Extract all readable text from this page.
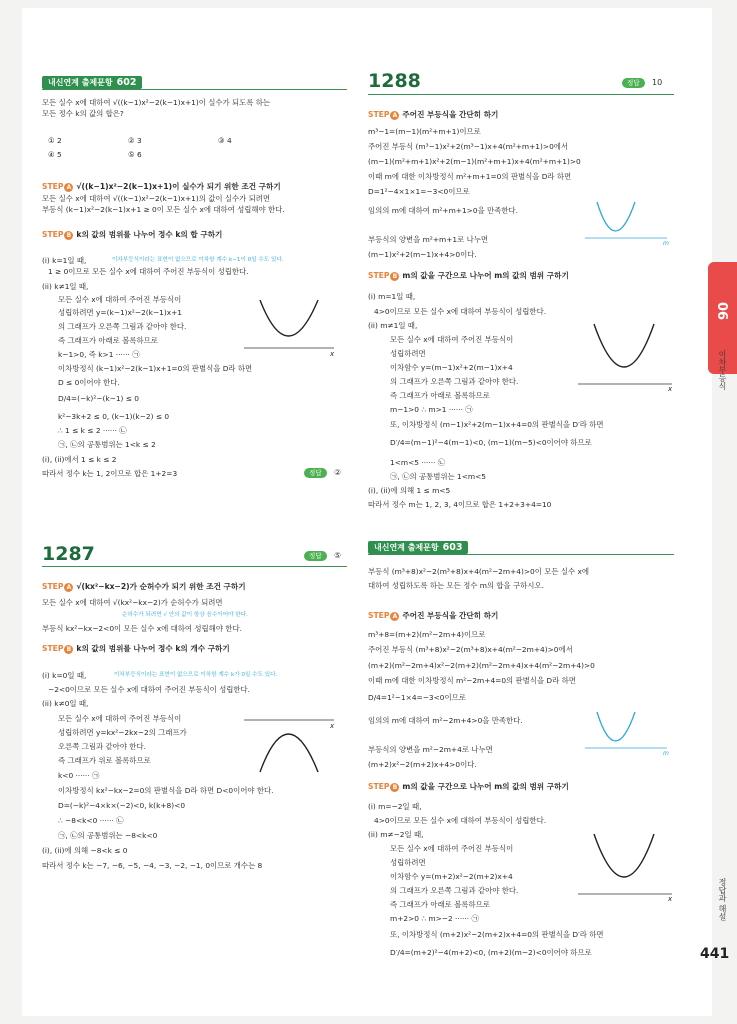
내신연계 출제문항 602
모든 실수 x에 대하여 √((k−1)x²−2(k−1)x+1)이 실수가 되도록 하는
모든 정수 k의 값의 합은?
① 2	② 3	③ 4
④ 5	⑤ 6
STEP A √((k−1)x²−2(k−1)x+1)이 실수가 되기 위한 조건 구하기
모든 실수 x에 대하여 √((k−1)x²−2(k−1)x+1)의 값이 실수가 되려면
부등식 (k−1)x²−2(k−1)x+1 ≥ 0이 모든 실수 x에 대하여 성립해야 한다.
STEP B k의 값의 범위를 나누어 정수 k의 합 구하기
이차부등식이라는 표현이 없으므로 이차항 계수 k−1이 0일 수도 있다.
(i) k=1일 때,
1 ≥ 0이므로 모든 실수 x에 대하여 주어진 부등식이 성립한다.
(ii) k≠1일 때,
모든 실수 x에 대하여 주어진 부등식이
성립하려면 y=(k−1)x²−2(k−1)x+1
의 그래프가 오른쪽 그림과 같아야 한다.
즉 그래프가 아래로 볼록하므로
k−1>0, 즉 k>1 ······ ㉠
이차방정식 (k−1)x²−2(k−1)x+1=0의 판별식을 D라 하면
D ≤ 0이어야 한다.
D/4=(−k)²−(k−1) ≤ 0
k²−3k+2 ≤ 0, (k−1)(k−2) ≤ 0
∴ 1 ≤ k ≤ 2 ······ ㉡
㉠, ㉡의 공통범위는 1<k ≤ 2
(i), (ii)에서 1 ≤ k ≤ 2
따라서 정수 k는 1, 2이므로 합은 1+2=3	정답	②
x
1287	정답	⑤
STEP A √(kx²−kx−2)가 순허수가 되기 위한 조건 구하기
모든 실수 x에 대하여 √(kx²−kx−2)가 순허수가 되려면
순허수가 되려면 √ 안의 값이 항상 음수이어야 한다.
부등식 kx²−kx−2<0이 모든 실수 x에 대하여 성립해야 한다.
STEP B k의 값의 범위를 나누어 정수 k의 개수 구하기
이차부등식이라는 표현이 없으므로 이차항 계수 k가 0일 수도 있다.
(i) k=0일 때,
−2<0이므로 모든 실수 x에 대하여 주어진 부등식이 성립한다.
(ii) k≠0일 때,
모든 실수 x에 대하여 주어진 부등식이
성립하려면 y=kx²−2kx−2의 그래프가
오른쪽 그림과 같아야 한다.
즉 그래프가 위로 볼록하므로
k<0 ······ ㉠
이차방정식 kx²−kx−2=0의 판별식을 D라 하면 D<0이어야 한다.
D=(−k)²−4×k×(−2)<0, k(k+8)<0
∴ −8<k<0 ······ ㉡
㉠, ㉡의 공통범위는 −8<k<0
(i), (ii)에 의해 −8<k ≤ 0
따라서 정수 k는 −7, −6, −5, −4, −3, −2, −1, 0이므로 개수는 8
x
1288	정답	10
STEP A 주어진 부등식을 간단히 하기
m³−1=(m−1)(m²+m+1)이므로
주어진 부등식 (m³−1)x²+2(m³−1)x+4(m²+m+1)>0에서
(m−1)(m²+m+1)x²+2(m−1)(m²+m+1)x+4(m²+m+1)>0
이때 m에 대한 이차방정식 m²+m+1=0의 판별식을 D라 하면
D=1²−4×1×1=−3<0이므로
임의의 m에 대하여 m²+m+1>0을 만족한다.
부등식의 양변을 m²+m+1로 나누면
(m−1)x²+2(m−1)x+4>0이다.
m
STEP B m의 값을 구간으로 나누어 m의 값의 범위 구하기
(i) m=1일 때,
4>0이므로 모든 실수 x에 대하여 부등식이 성립한다.
(ii) m≠1일 때,
모든 실수 x에 대하여 주어진 부등식이
성립하려면
이차함수 y=(m−1)x²+2(m−1)x+4
의 그래프가 오른쪽 그림과 같아야 한다.
즉 그래프가 아래로 볼록하므로
m−1>0 ∴ m>1 ······ ㉠
또, 이차방정식 (m−1)x²+2(m−1)x+4=0의 판별식을 D′라 하면
D′/4=(m−1)²−4(m−1)<0, (m−1)(m−5)<0이어야 하므로
1<m<5 ······ ㉡
㉠, ㉡의 공통범위는 1<m<5
(i), (ii)에 의해 1 ≤ m<5
따라서 정수 m는 1, 2, 3, 4이므로 합은 1+2+3+4=10
x
내신연계 출제문항 603
부등식 (m³+8)x²−2(m³+8)x+4(m²−2m+4)>0이 모든 실수 x에
대하여 성립하도록 하는 모든 정수 m의 합을 구하시오.
STEP A 주어진 부등식을 간단히 하기
m³+8=(m+2)(m²−2m+4)이므로
주어진 부등식 (m³+8)x²−2(m³+8)x+4(m²−2m+4)>0에서
(m+2)(m²−2m+4)x²−2(m+2)(m²−2m+4)x+4(m²−2m+4)>0
이때 m에 대한 이차방정식 m²−2m+4=0의 판별식을 D라 하면
D/4=1²−1×4=−3<0이므로
임의의 m에 대하여 m²−2m+4>0을 만족한다.
부등식의 양변을 m²−2m+4로 나누면
(m+2)x²−2(m+2)x+4>0이다.
m
STEP B m의 값을 구간으로 나누어 m의 값의 범위 구하기
(i) m=−2일 때,
4>0이므로 모든 실수 x에 대하여 부등식이 성립한다.
(ii) m≠−2일 때,
모든 실수 x에 대하여 주어진 부등식이
성립하려면
이차함수 y=(m+2)x²−2(m+2)x+4
의 그래프가 오른쪽 그림과 같아야 한다.
즉 그래프가 아래로 볼록하므로
m+2>0 ∴ m>−2 ······ ㉠
또, 이차방정식 (m+2)x²−2(m+2)x+4=0의 판별식을 D′라 하면
D′/4=(m+2)²−4(m+2)<0, (m+2)(m−2)<0이어야 하므로
x
06
이차부등식
정답과 해설
441
